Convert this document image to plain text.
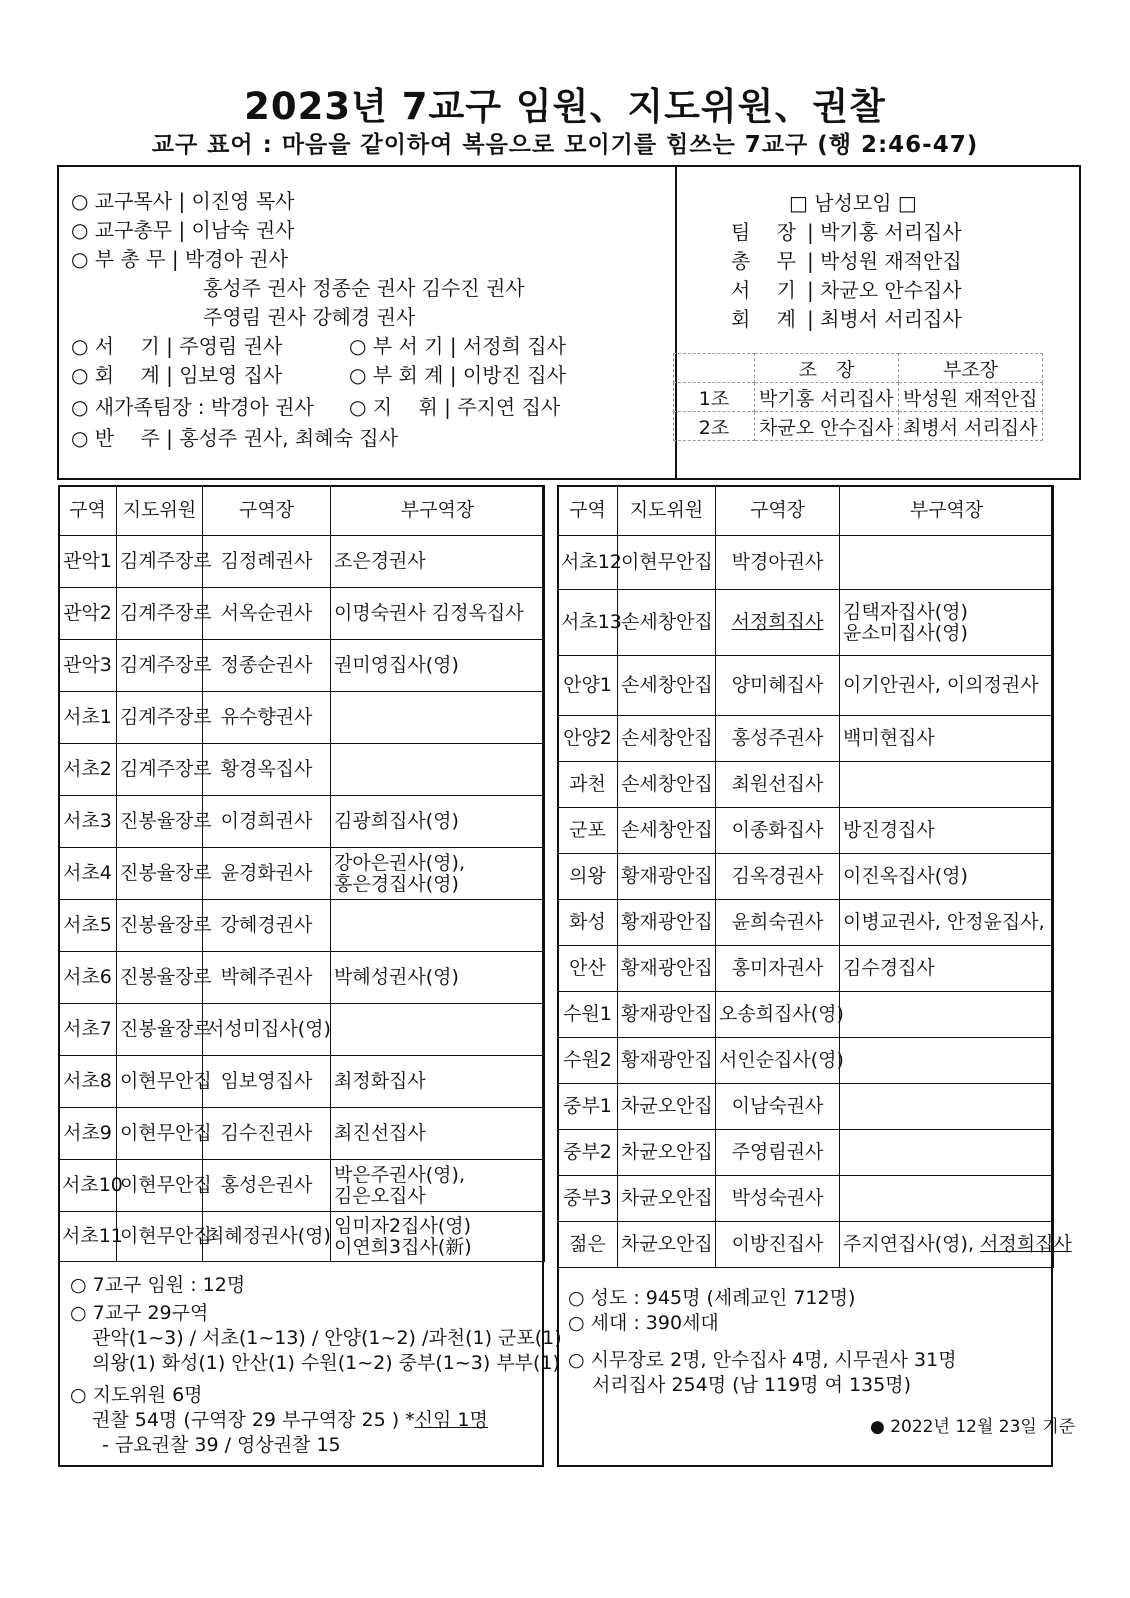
2023년 7교구 임원、지도위원、권찰
교구 표어 : 마음을 같이하여 복음으로 모이기를 힘쓰는 7교구 (행 2:46-47)
○ 교구목사 | 이진영 목사
○ 교구총무 | 이남숙 권사
○ 부 총 무 | 박경아 권사
홍성주 권사 정종순 권사 김수진 권사
주영림 권사 강혜경 권사
○ 서　 기 | 주영림 권사	○ 부 서 기 | 서정희 집사
○ 회　 계 | 임보영 집사	○ 부 회 계 | 이방진 집사
○ 새가족팀장 : 박경아 권사 ○ 지　 휘 | 주지연 집사
○ 반　 주 | 홍성주 권사, 최혜숙 집사
□ 남성모임 □
팀　 장 | 박기홍 서리집사
총　 무 | 박성원 재적안집
서　 기 | 차균오 안수집사
회　 계 | 최병서 서리집사
	조　장	부조장
1조	박기홍 서리집사	박성원 재적안집
2조	차균오 안수집사	최병서 서리집사
구역	지도위원	구역장	부구역장
관악1	김계주장로	김정례권사	조은경권사
관악2	김계주장로	서옥순권사	이명숙권사 김정옥집사
관악3	김계주장로	정종순권사	권미영집사(영)
서초1	김계주장로	유수향권사	
서초2	김계주장로	황경옥집사	
서초3	진봉율장로	이경희권사	김광희집사(영)
서초4	진봉율장로	윤경화권사	강아은권사(영),
홍은경집사(영)
서초5	진봉율장로	강혜경권사	
서초6	진봉율장로	박혜주권사	박혜성권사(영)
서초7	진봉율장로	서성미집사(영)	
서초8	이현무안집	임보영집사	최정화집사
서초9	이현무안집	김수진권사	최진선집사
서초10	이현무안집	홍성은권사	박은주권사(영),
김은오집사
서초11	이현무안집	최혜정권사(영)	임미자2집사(영)
이연희3집사(新)
구역	지도위원	구역장	부구역장
서초12	이현무안집	박경아권사	
서초13	손세창안집	서정희집사	김택자집사(영)
윤소미집사(영)
안양1	손세창안집	양미혜집사	이기안권사, 이의정권사
안양2	손세창안집	홍성주권사	백미현집사
과천	손세창안집	최원선집사	
군포	손세창안집	이종화집사	방진경집사
의왕	황재광안집	김옥경권사	이진옥집사(영)
화성	황재광안집	윤희숙권사	이병교권사, 안정윤집사,
안산	황재광안집	홍미자권사	김수경집사
수원1	황재광안집	오송희집사(영)	
수원2	황재광안집	서인순집사(영)	
중부1	차균오안집	이남숙권사	
중부2	차균오안집	주영림권사	
중부3	차균오안집	박성숙권사	
젊은	차균오안집	이방진집사	주지연집사(영), 서정희집사
○ 7교구 임원 : 12명
○ 7교구 29구역
관악(1~3) / 서초(1~13) / 안양(1~2) /과천(1) 군포(1)
의왕(1) 화성(1) 안산(1) 수원(1~2) 중부(1~3) 부부(1)
○ 지도위원 6명
권찰 54명 (구역장 29 부구역장 25 ) *신임 1명
- 금요권찰 39 / 영상권찰 15
○ 성도 : 945명 (세례교인 712명)
○ 세대 : 390세대
○ 시무장로 2명, 안수집사 4명, 시무권사 31명
서리집사 254명 (남 119명 여 135명)
● 2022년 12월 23일 기준
